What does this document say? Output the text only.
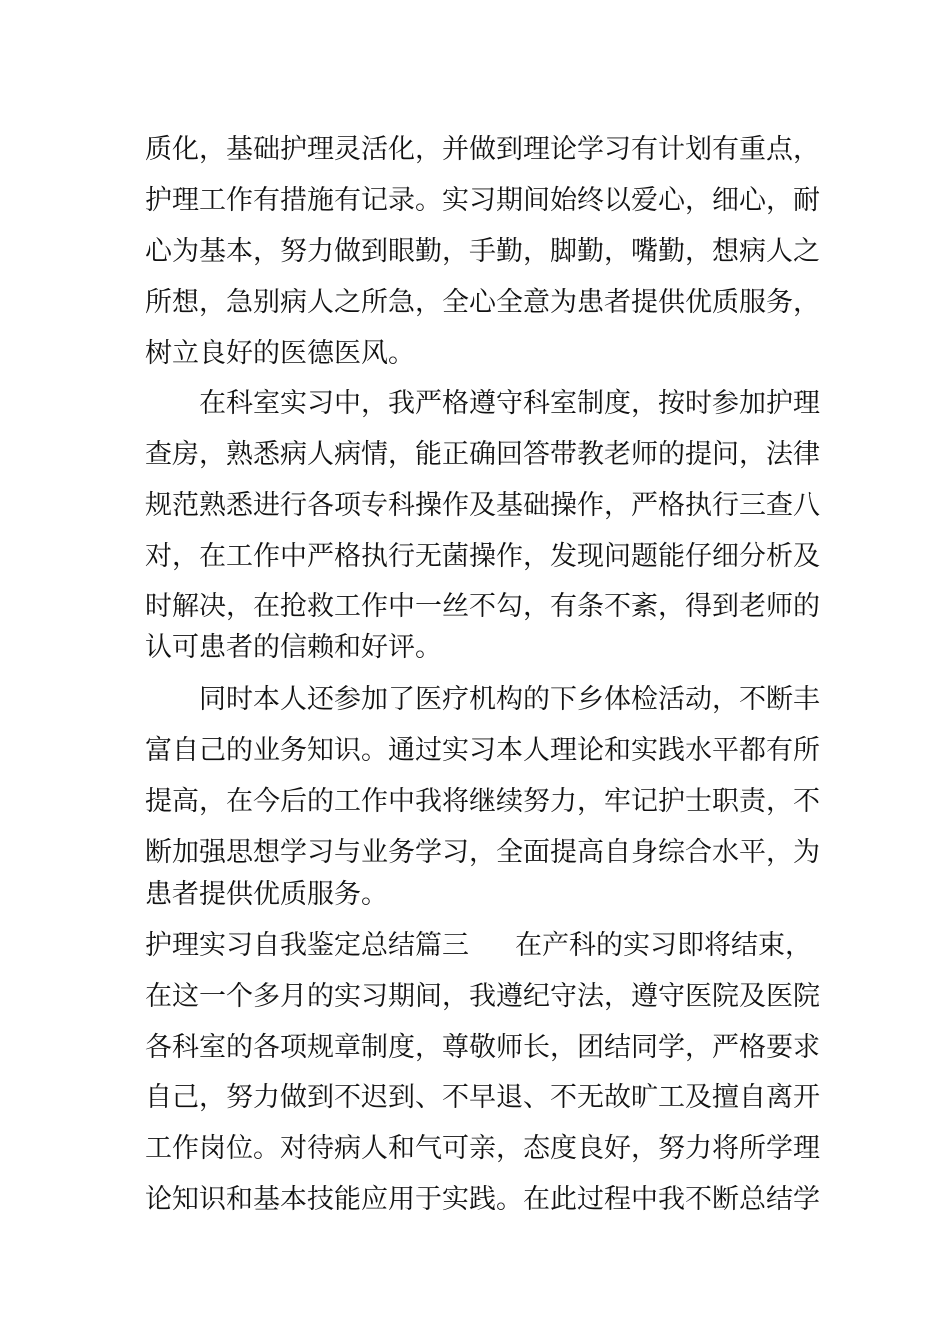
质化，基础护理灵活化，并做到理论学习有计划有重点，
护理工作有措施有记录。实习期间始终以爱心，细心，耐
心为基本，努力做到眼勤，手勤，脚勤，嘴勤，想病人之
所想，急别病人之所急，全心全意为患者提供优质服务，
树立良好的医德医风。
在科室实习中，我严格遵守科室制度，按时参加护理
查房，熟悉病人病情，能正确回答带教老师的提问，法律
规范熟悉进行各项专科操作及基础操作，严格执行三查八
对，在工作中严格执行无菌操作，发现问题能仔细分析及
时解决，在抢救工作中一丝不勾，有条不紊，得到老师的
认可患者的信赖和好评。
同时本人还参加了医疗机构的下乡体检活动，不断丰
富自己的业务知识。通过实习本人理论和实践水平都有所
提高，在今后的工作中我将继续努力，牢记护士职责，不
断加强思想学习与业务学习，全面提高自身综合水平，为
患者提供优质服务。
护理实习自我鉴定总结篇三 在产科的实习即将结束，
在这一个多月的实习期间，我遵纪守法，遵守医院及医院
各科室的各项规章制度，尊敬师长，团结同学，严格要求
自己，努力做到不迟到、不早退、不无故旷工及擅自离开
工作岗位。对待病人和气可亲，态度良好，努力将所学理
论知识和基本技能应用于实践。在此过程中我不断总结学
